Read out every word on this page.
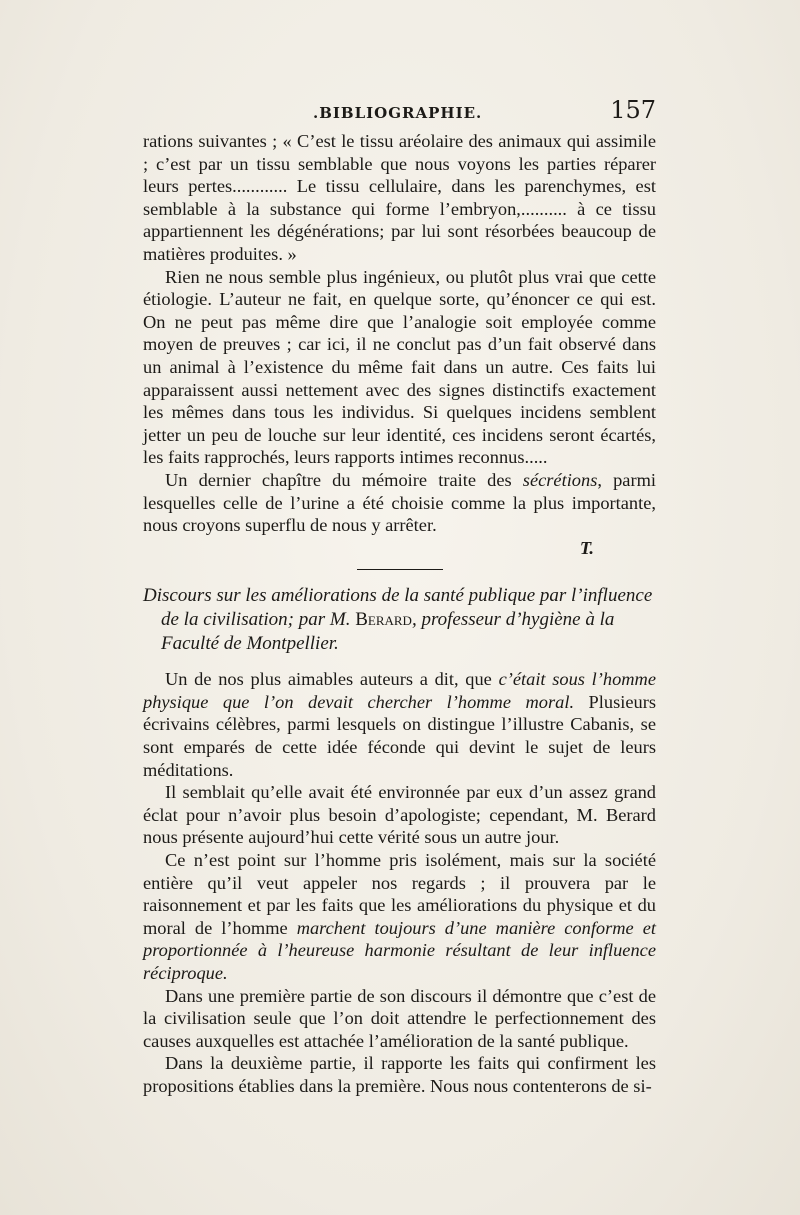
.BIBLIOGRAPHIE.	157

rations suivantes ; « C’est le tissu aréolaire des animaux qui assimile ; c’est par un tissu semblable que nous voyons les parties réparer leurs pertes............ Le tissu cellulaire, dans les parenchymes, est semblable à la substance qui forme l’embryon,.......... à ce tissu appartiennent les dégénérations; par lui sont résorbées beaucoup de matières produites. »

Rien ne nous semble plus ingénieux, ou plutôt plus vrai que cette étiologie. L’auteur ne fait, en quelque sorte, qu’énoncer ce qui est. On ne peut pas même dire que l’analogie soit employée comme moyen de preuves ; car ici, il ne conclut pas d’un fait observé dans un animal à l’existence du même fait dans un autre. Ces faits lui apparaissent aussi nettement avec des signes distinctifs exactement les mêmes dans tous les individus. Si quelques incidens semblent jetter un peu de louche sur leur identité, ces incidens seront écartés, les faits rapprochés, leurs rapports intimes reconnus.....

Un dernier chapître du mémoire traite des sécrétions, parmi lesquelles celle de l’urine a été choisie comme la plus importante, nous croyons superflu de nous y arrêter.

T.

Discours sur les améliorations de la santé publique par l’influence de la civilisation; par M. Berard, professeur d’hygiène à la Faculté de Montpellier.

Un de nos plus aimables auteurs a dit, que c’était sous l’homme physique que l’on devait chercher l’homme moral. Plusieurs écrivains célèbres, parmi lesquels on distingue l’illustre Cabanis, se sont emparés de cette idée féconde qui devint le sujet de leurs méditations.

Il semblait qu’elle avait été environnée par eux d’un assez grand éclat pour n’avoir plus besoin d’apologiste; cependant, M. Berard nous présente aujourd’hui cette vérité sous un autre jour.

Ce n’est point sur l’homme pris isolément, mais sur la société entière qu’il veut appeler nos regards ; il prouvera par le raisonnement et par les faits que les améliorations du physique et du moral de l’homme marchent toujours d’une manière conforme et proportionnée à l’heureuse harmonie résultant de leur influence réciproque.

Dans une première partie de son discours il démontre que c’est de la civilisation seule que l’on doit attendre le perfectionnement des causes auxquelles est attachée l’amélioration de la santé publique.

Dans la deuxième partie, il rapporte les faits qui confirment les propositions établies dans la première. Nous nous contenterons de si-
